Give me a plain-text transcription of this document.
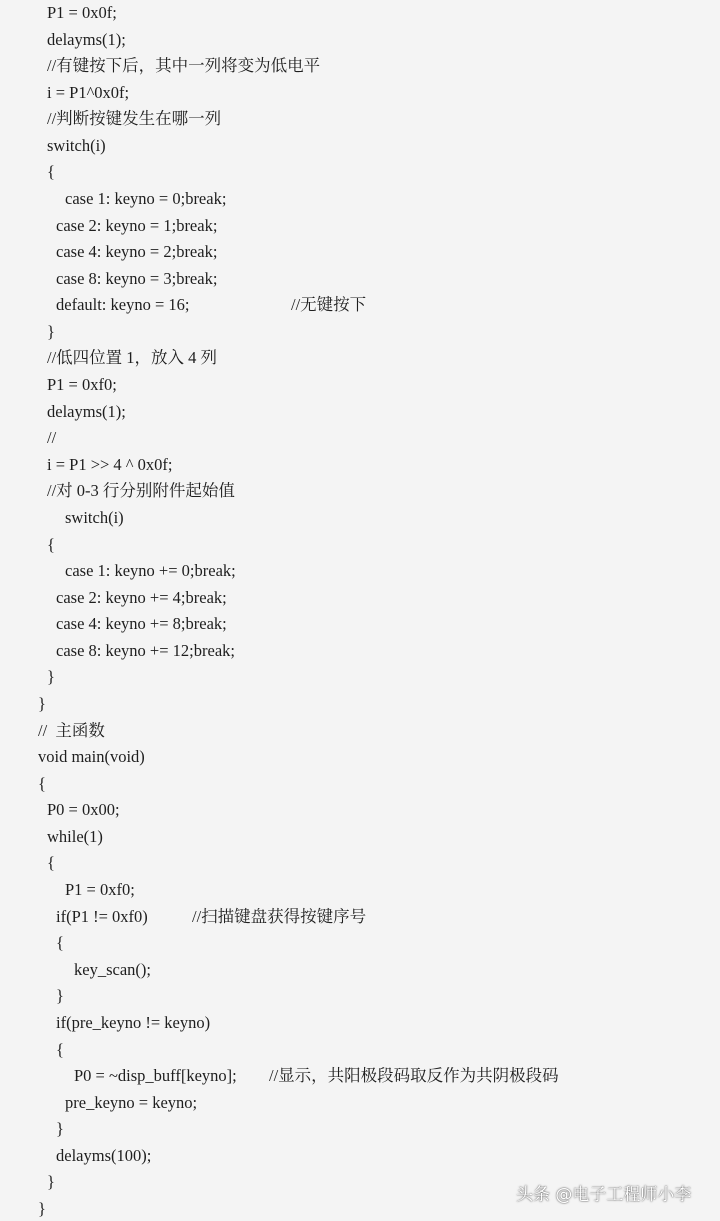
P1 = 0x0f;
delayms(1);
//有键按下后，其中一列将变为低电平
i = P1^0x0f;
//判断按键发生在哪一列
switch(i)
{
case 1: keyno = 0;break;
case 2: keyno = 1;break;
case 4: keyno = 2;break;
case 8: keyno = 3;break;
default: keyno = 16;	//无键按下
}
//低四位置 1，放入 4 列
P1 = 0xf0;
delayms(1);
//
i = P1 >> 4 ^ 0x0f;
//对 0-3 行分别附件起始值
switch(i)
{
case 1: keyno += 0;break;
case 2: keyno += 4;break;
case 4: keyno += 8;break;
case 8: keyno += 12;break;
}
}
//  主函数
void main(void)
{
P0 = 0x00;
while(1)
{
P1 = 0xf0;
if(P1 != 0xf0)	//扫描键盘获得按键序号
{
key_scan();
}
if(pre_keyno != keyno)
{
P0 = ~disp_buff[keyno]; //显示，共阳极段码取反作为共阴极段码
pre_keyno = keyno;
}
delayms(100);
}
}
头条 @电子工程师小李
